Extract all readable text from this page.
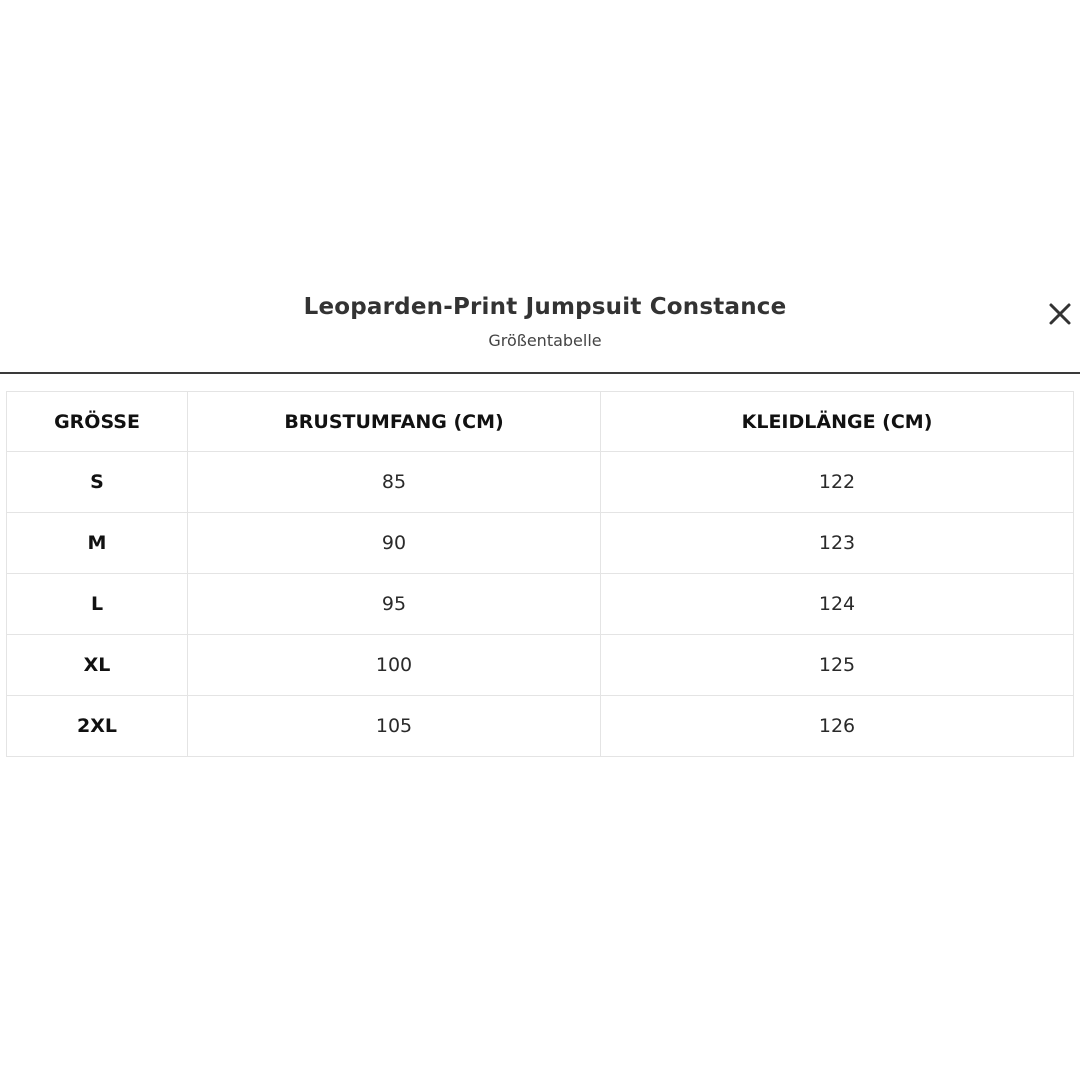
Leoparden-Print Jumpsuit Constance
Größentabelle
GRÖSSE	BRUSTUMFANG (CM)	KLEIDLÄNGE (CM)
S	85	122
M	90	123
L	95	124
XL	100	125
2XL	105	126
